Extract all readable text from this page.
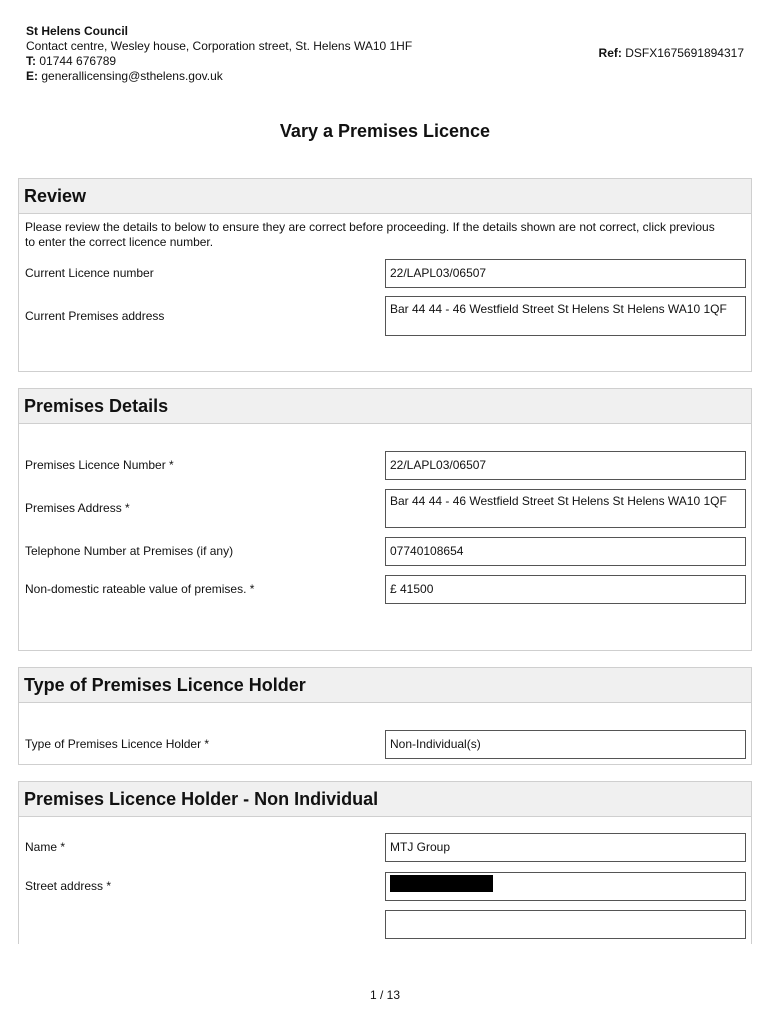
St Helens Council
Contact centre, Wesley house, Corporation street, St. Helens WA10 1HF
T: 01744 676789
E: generallicensing@sthelens.gov.uk
Ref: DSFX1675691894317
Vary a Premises Licence
Review
Please review the details to below to ensure they are correct before proceeding. If the details shown are not correct, click previous to enter the correct licence number.
Current Licence number	22/LAPL03/06507
Current Premises address	Bar 44 44 - 46 Westfield Street St Helens St Helens WA10 1QF
Premises Details
Premises Licence Number *	22/LAPL03/06507
Premises Address *	Bar 44 44 - 46 Westfield Street St Helens St Helens WA10 1QF
Telephone Number at Premises (if any)	07740108654
Non-domestic rateable value of premises. *	£ 41500
Type of Premises Licence Holder
Type of Premises Licence Holder *	Non-Individual(s)
Premises Licence Holder - Non Individual
Name *	MTJ Group
Street address *
1 / 13
